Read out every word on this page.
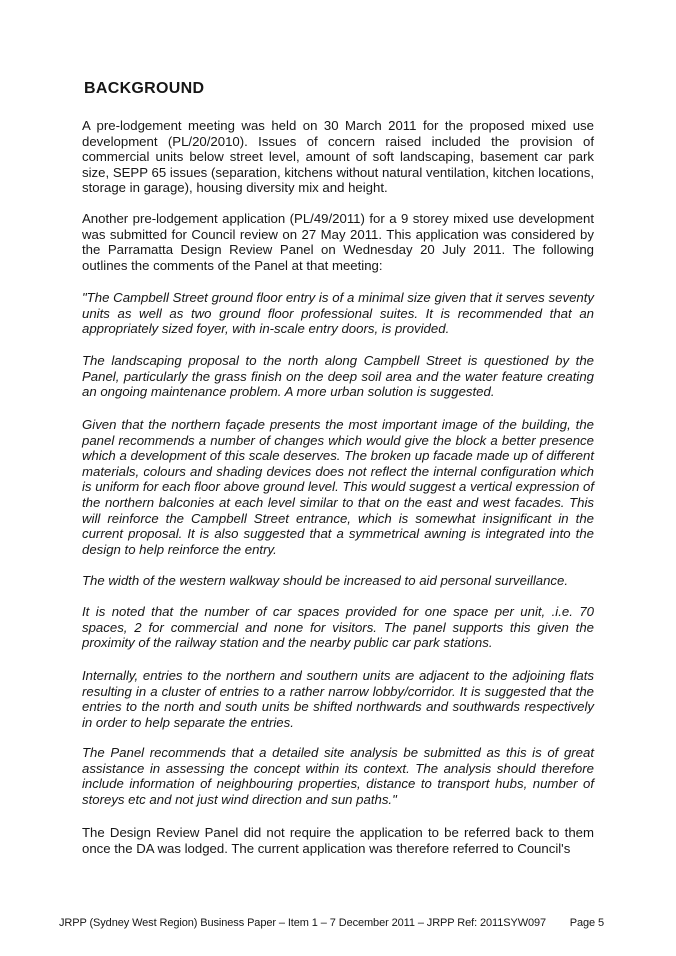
BACKGROUND

A pre-lodgement meeting was held on 30 March 2011 for the proposed mixed use development (PL/20/2010). Issues of concern raised included the provision of commercial units below street level, amount of soft landscaping, basement car park size, SEPP 65 issues (separation, kitchens without natural ventilation, kitchen locations, storage in garage), housing diversity mix and height.

Another pre-lodgement application (PL/49/2011) for a 9 storey mixed use development was submitted for Council review on 27 May 2011. This application was considered by the Parramatta Design Review Panel on Wednesday 20 July 2011. The following outlines the comments of the Panel at that meeting:

"The Campbell Street ground floor entry is of a minimal size given that it serves seventy units as well as two ground floor professional suites. It is recommended that an appropriately sized foyer, with in-scale entry doors, is provided.

The landscaping proposal to the north along Campbell Street is questioned by the Panel, particularly the grass finish on the deep soil area and the water feature creating an ongoing maintenance problem. A more urban solution is suggested.

Given that the northern façade presents the most important image of the building, the panel recommends a number of changes which would give the block a better presence which a development of this scale deserves. The broken up facade made up of different materials, colours and shading devices does not reflect the internal configuration which is uniform for each floor above ground level. This would suggest a vertical expression of the northern balconies at each level similar to that on the east and west facades. This will reinforce the Campbell Street entrance, which is somewhat insignificant in the current proposal. It is also suggested that a symmetrical awning is integrated into the design to help reinforce the entry.

The width of the western walkway should be increased to aid personal surveillance.

It is noted that the number of car spaces provided for one space per unit, .i.e. 70 spaces, 2 for commercial and none for visitors. The panel supports this given the proximity of the railway station and the nearby public car park stations.

Internally, entries to the northern and southern units are adjacent to the adjoining flats resulting in a cluster of entries to a rather narrow lobby/corridor. It is suggested that the entries to the north and south units be shifted northwards and southwards respectively in order to help separate the entries.

The Panel recommends that a detailed site analysis be submitted as this is of great assistance in assessing the concept within its context. The analysis should therefore include information of neighbouring properties, distance to transport hubs, number of storeys etc and not just wind direction and sun paths."

The Design Review Panel did not require the application to be referred back to them once the DA was lodged. The current application was therefore referred to Council's

JRPP (Sydney West Region) Business Paper – Item 1 – 7 December 2011 – JRPP Ref: 2011SYW097 Page 5
